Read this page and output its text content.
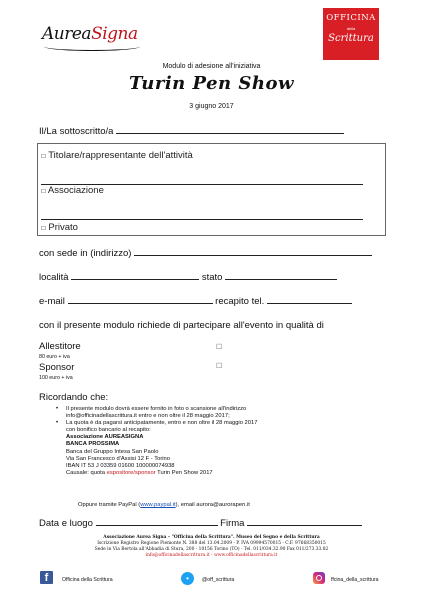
AureaSigna
OFFICINA
della
Scrittura
Modulo di adesione all'iniziativa
Turin Pen Show
3 giugno 2017
Il/La sottoscritto/a
☐ Titolare/rappresentante dell'attività
☐ Associazione
☐ Privato
con sede in (indirizzo)
località	stato
e-mail	recapito tel.
con il presente modulo richiede di partecipare all'evento in qualità di
Allestitore
80 euro + iva
☐
Sponsor
100 euro + iva
☐
Ricordando che:
• Il presente modulo dovrà essere fornito in foto o scansione all'indirizzo
info@officinadellascrittura.it entro e non oltre il 28 maggio 2017;
• La quota è da pagarsi anticipatamente, entro e non oltre il 28 maggio 2017
con bonifico bancario al recapito:
Associazione AUREASIGNA
BANCA PROSSIMA
Banca del Gruppo Intesa San Paolo
Via San Francesco d'Assisi 12 F - Torino
IBAN IT 53 J 03359 01600 100000074938
Causale: quota espositore/sponsor Turin Pen Show 2017
Oppure tramite PayPal (www.paypal.it), email aurora@aurorapen.it
Data e luogo	Firma
Associazione Aurea Signa – "Officina della Scrittura". Museo del Segno e della Scrittura
Iscrizione Registro Regione Piemonte N. 388 del 13.04.2009 - P. IVA 09994570015 - C.F. 97668350015
Sede in Via Bertola all'Abbadia di Stura, 200 - 10156 Torino (TO) - Tel. 011/034.32.90 Fax 011/273.33.82
info@officinadellascrittura.it - www.officinadellascrittura.it
f	Officina della Scrittura	•	@off_scrittura	ffcina_della_scrittura
